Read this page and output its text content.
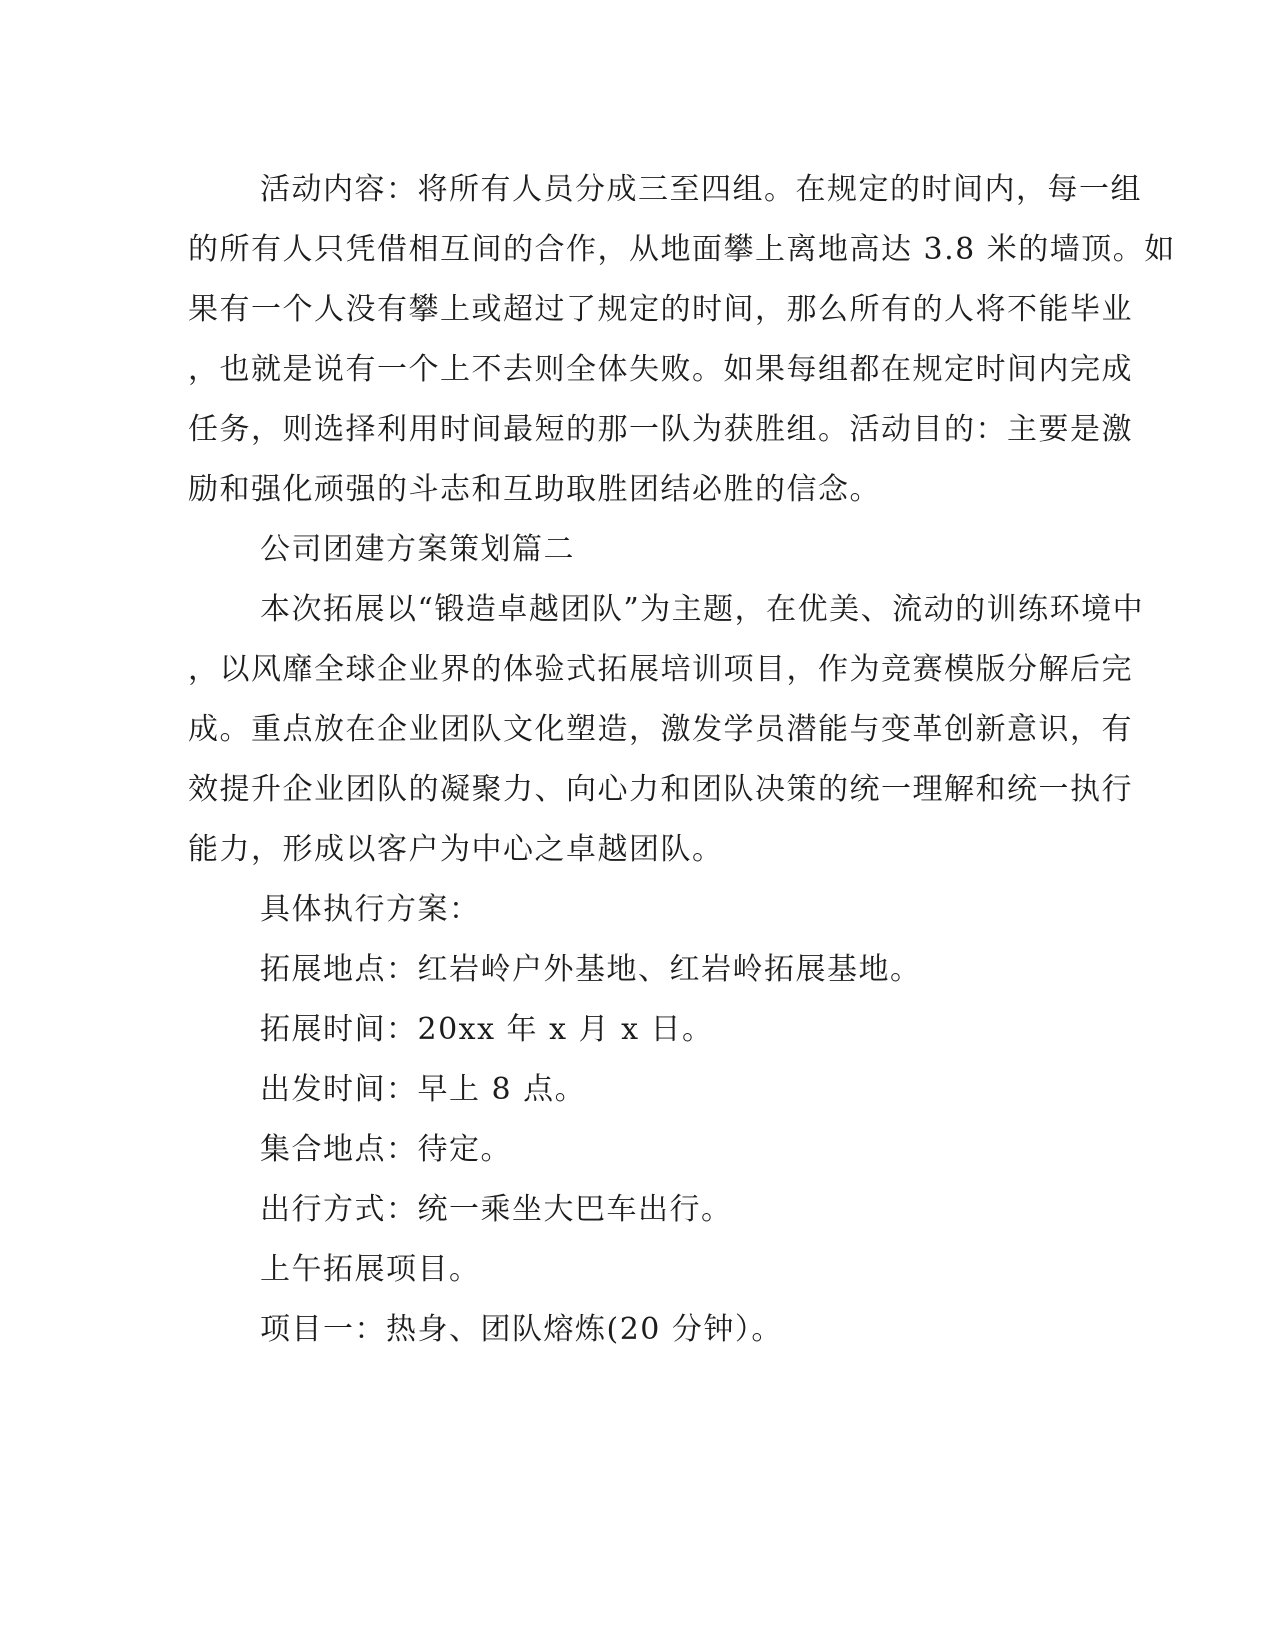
活动内容：将所有人员分成三至四组。在规定的时间内，每一组
的所有人只凭借相互间的合作，从地面攀上离地高达 3.8 米的墙顶。如
果有一个人没有攀上或超过了规定的时间，那么所有的人将不能毕业
，也就是说有一个上不去则全体失败。如果每组都在规定时间内完成
任务，则选择利用时间最短的那一队为获胜组。活动目的：主要是激
励和强化顽强的斗志和互助取胜团结必胜的信念。
公司团建方案策划篇二
本次拓展以“锻造卓越团队”为主题，在优美、流动的训练环境中
，以风靡全球企业界的体验式拓展培训项目，作为竞赛模版分解后完
成。重点放在企业团队文化塑造，激发学员潜能与变革创新意识，有
效提升企业团队的凝聚力、向心力和团队决策的统一理解和统一执行
能力，形成以客户为中心之卓越团队。
具体执行方案：
拓展地点：红岩岭户外基地、红岩岭拓展基地。
拓展时间：20xx 年 x 月 x 日。
出发时间：早上 8 点。
集合地点：待定。
出行方式：统一乘坐大巴车出行。
上午拓展项目。
项目一：热身、团队熔炼(20 分钟）。
